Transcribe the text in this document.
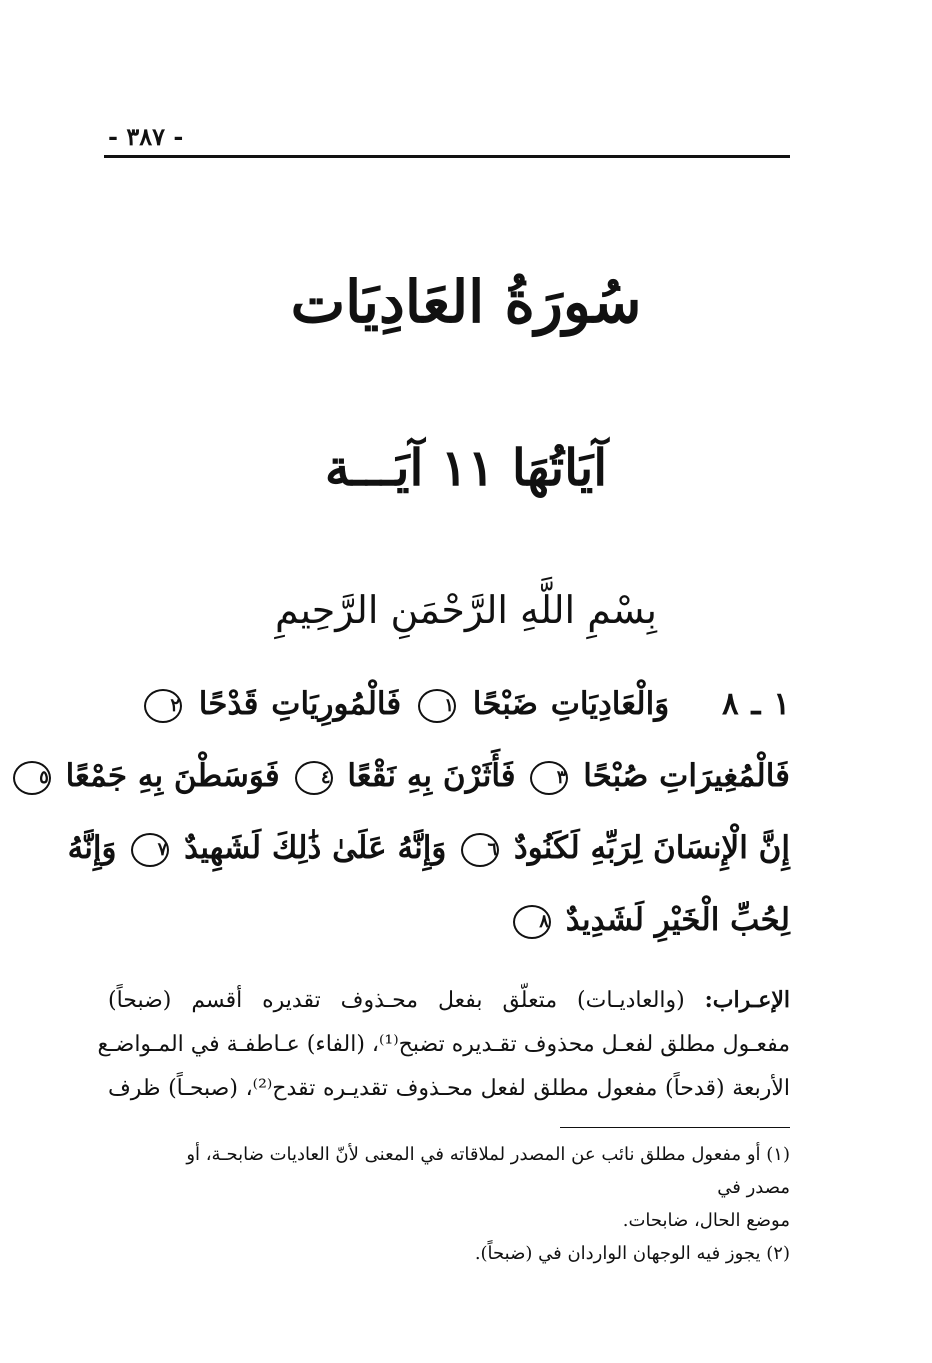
- ٣٨٧ -
سُورَةُ العَادِيَات
آيَاتُهَا ١١ آيَـــة
بِسْمِ اللَّهِ الرَّحْمَنِ الرَّحِيمِ
١ ـ ٨ وَالْعَادِيَاتِ ضَبْحًا ١ فَالْمُورِيَاتِ قَدْحًا ٢
فَالْمُغِيرَاتِ صُبْحًا ٣ فَأَثَرْنَ بِهِ نَقْعًا ٤ فَوَسَطْنَ بِهِ جَمْعًا ٥
إِنَّ الْإِنسَانَ لِرَبِّهِ لَكَنُودٌ ٦ وَإِنَّهُ عَلَىٰ ذَٰلِكَ لَشَهِيدٌ ٧ وَإِنَّهُ
لِحُبِّ الْخَيْرِ لَشَدِيدٌ ٨
الإعـراب: (والعاديـات) متعلّق بفعل محـذوف تقديره أقسم (ضبحاً)
مفعـول مطلق لفعـل محذوف تقـديره تضبح⁽¹⁾، (الفاء) عـاطفـة في المـواضـع
الأربعة (قدحاً) مفعول مطلق لفعل محـذوف تقديـره تقدح⁽²⁾، (صبحـاً) ظرف
(١) أو مفعول مطلق نائب عن المصدر لملاقاته في المعنى لأنّ العاديات ضابحـة، أو مصدر في
موضع الحال، ضابحات.
(٢) يجوز فيه الوجهان الواردان في (ضبحاً).
